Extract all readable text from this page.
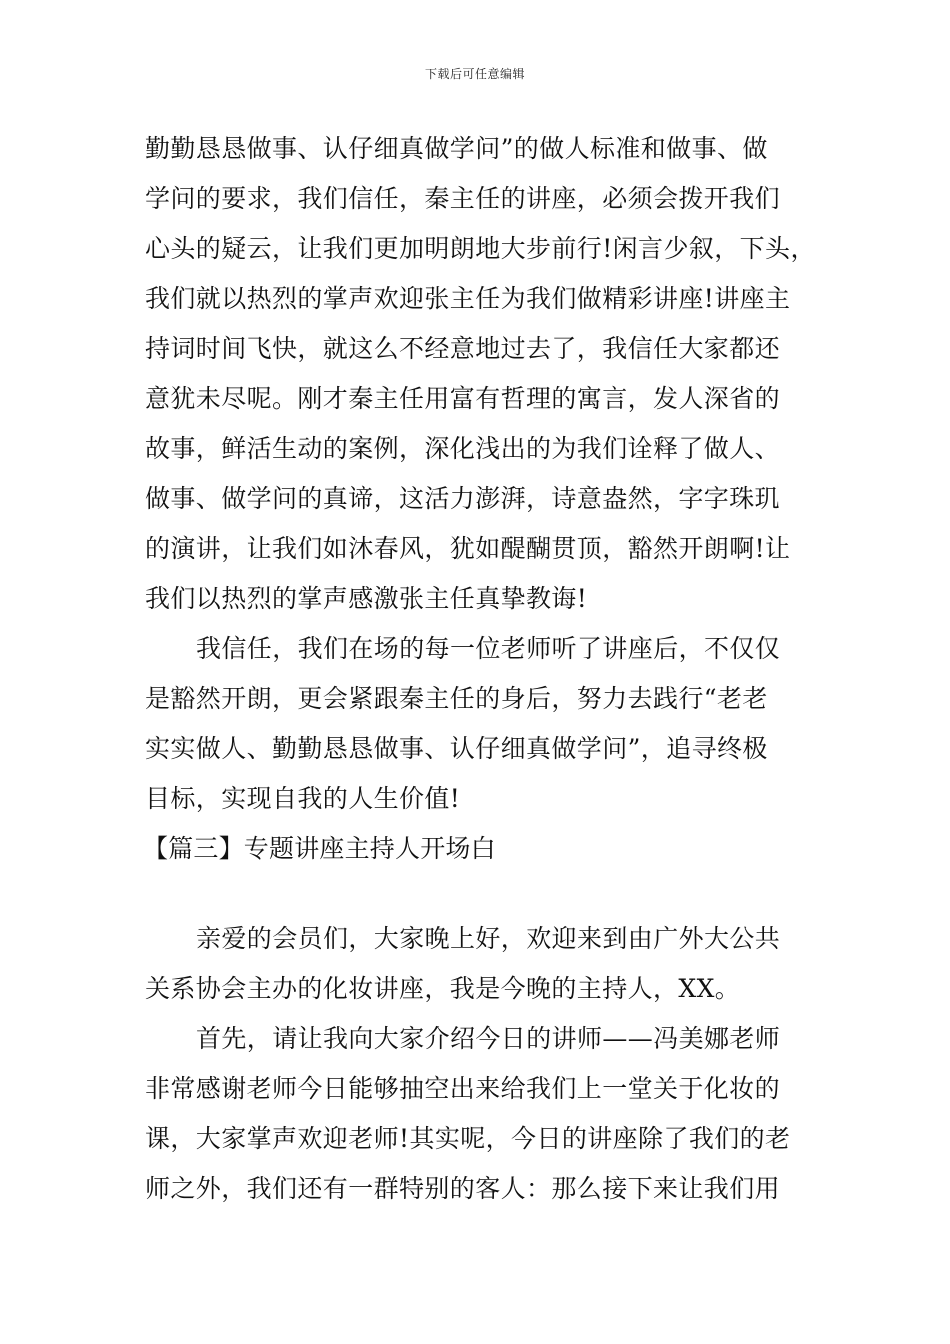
下载后可任意编辑
勤勤恳恳做事、认仔细真做学问”的做人标准和做事、做
学问的要求，我们信任，秦主任的讲座，必须会拨开我们
心头的疑云，让我们更加明朗地大步前行!闲言少叙，下头，
我们就以热烈的掌声欢迎张主任为我们做精彩讲座!讲座主
持词时间飞快，就这么不经意地过去了，我信任大家都还
意犹未尽呢。刚才秦主任用富有哲理的寓言，发人深省的
故事，鲜活生动的案例，深化浅出的为我们诠释了做人、
做事、做学问的真谛，这活力澎湃，诗意盎然，字字珠玑
的演讲，让我们如沐春风，犹如醍醐贯顶，豁然开朗啊!让
我们以热烈的掌声感激张主任真挚教诲!
我信任，我们在场的每一位老师听了讲座后，不仅仅
是豁然开朗，更会紧跟秦主任的身后，努力去践行“老老
实实做人、勤勤恳恳做事、认仔细真做学问”，追寻终极
目标，实现自我的人生价值!
【篇三】专题讲座主持人开场白
亲爱的会员们，大家晚上好，欢迎来到由广外大公共
关系协会主办的化妆讲座，我是今晚的主持人，XX。
首先，请让我向大家介绍今日的讲师——冯美娜老师
非常感谢老师今日能够抽空出来给我们上一堂关于化妆的
课，大家掌声欢迎老师!其实呢，今日的讲座除了我们的老
师之外，我们还有一群特别的客人：那么接下来让我们用
